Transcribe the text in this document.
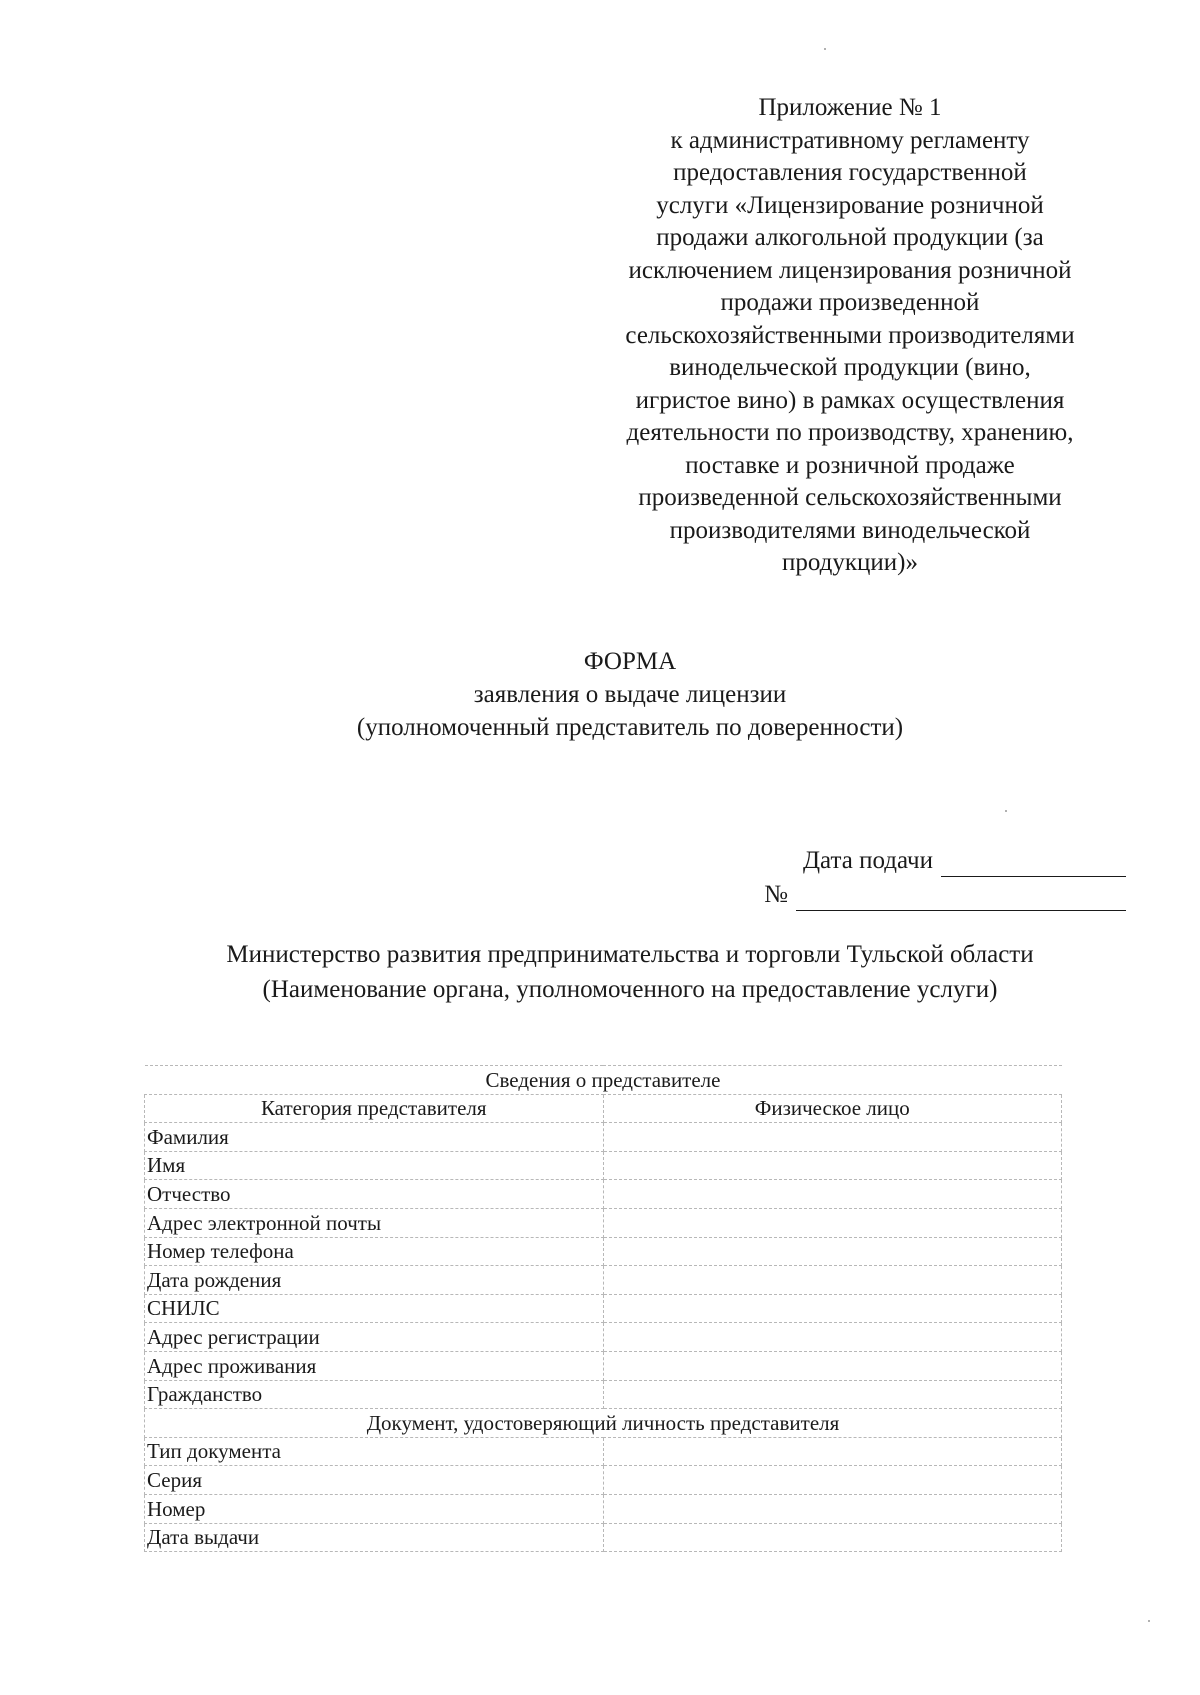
Приложение № 1
к административному регламенту
предоставления государственной
услуги «Лицензирование розничной
продажи алкогольной продукции (за
исключением лицензирования розничной
продажи произведенной
сельскохозяйственными производителями
винодельческой продукции (вино,
игристое вино) в рамках осуществления
деятельности по производству, хранению,
поставке и розничной продаже
произведенной сельскохозяйственными
производителями винодельческой
продукции)»
ФОРМА
заявления о выдаче лицензии
(уполномоченный представитель по доверенности)
Дата подачи
№
Министерство развития предпринимательства и торговли Тульской области
(Наименование органа, уполномоченного на предоставление услуги)
Сведения о представителе	
Категория представителя	Физическое лицо
Фамилия	
Имя	
Отчество	
Адрес электронной почты	
Номер телефона	
Дата рождения	
СНИЛС	
Адрес регистрации	
Адрес проживания	
Гражданство	
Документ, удостоверяющий личность представителя	
Тип документа	
Серия	
Номер	
Дата выдачи	
